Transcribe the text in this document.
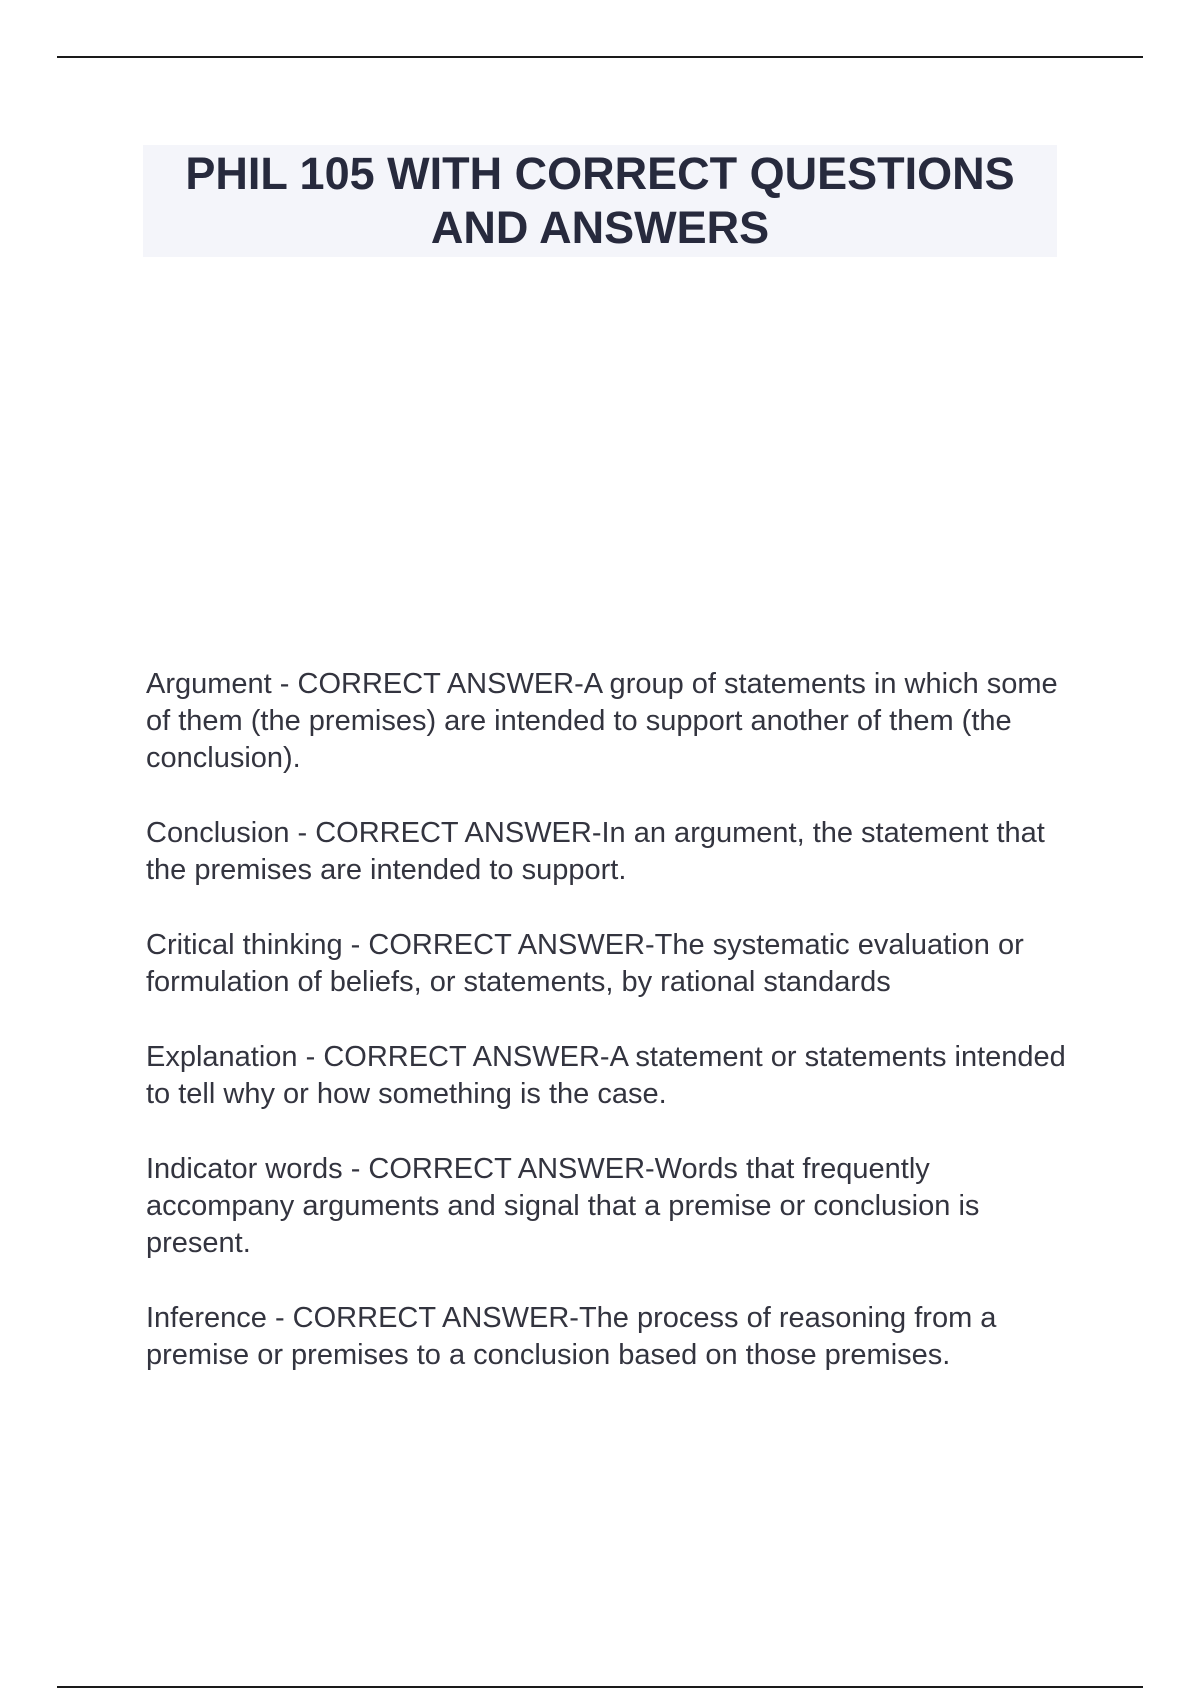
PHIL 105 WITH CORRECT QUESTIONS AND ANSWERS
Argument - CORRECT ANSWER-A group of statements in which some of them (the premises) are intended to support another of them (the conclusion).
Conclusion - CORRECT ANSWER-In an argument, the statement that the premises are intended to support.
Critical thinking - CORRECT ANSWER-The systematic evaluation or formulation of beliefs, or statements, by rational standards
Explanation - CORRECT ANSWER-A statement or statements intended to tell why or how something is the case.
Indicator words - CORRECT ANSWER-Words that frequently accompany arguments and signal that a premise or conclusion is present.
Inference - CORRECT ANSWER-The process of reasoning from a premise or premises to a conclusion based on those premises.
